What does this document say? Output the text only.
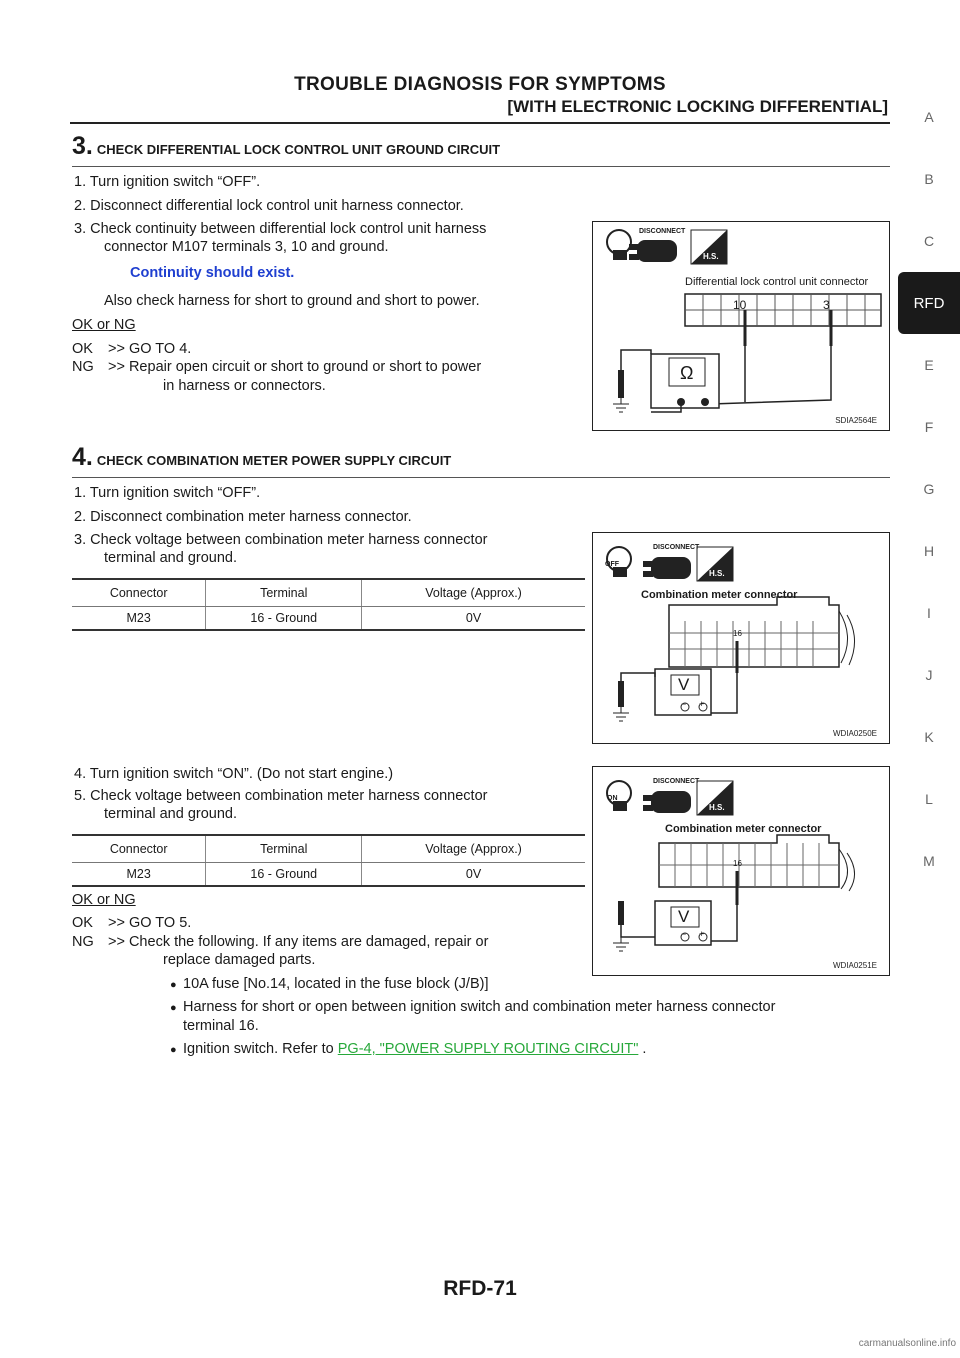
TROUBLE DIAGNOSIS FOR SYMPTOMS
[WITH ELECTRONIC LOCKING DIFFERENTIAL]
A
B
C
RFD
E
F
G
H
I
J
K
L
M
3. CHECK DIFFERENTIAL LOCK CONTROL UNIT GROUND CIRCUIT
1. Turn ignition switch “OFF”.
2. Disconnect differential lock control unit harness connector.
3. Check continuity between differential lock control unit harness
connector M107 terminals 3, 10 and ground.
Continuity should exist.
Also check harness for short to ground and short to power.
OK or NG
OK	>> GO TO 4.
NG >> Repair open circuit or short to ground or short to power
in harness or connectors.
DISCONNECT
H.S.
Differential lock control unit connector
10	3
Ω
SDIA2564E
4. CHECK COMBINATION METER POWER SUPPLY CIRCUIT
1. Turn ignition switch “OFF”.
2. Disconnect combination meter harness connector.
3. Check voltage between combination meter harness connector
terminal and ground.
Connector	Terminal	Voltage (Approx.)
M23	16 - Ground	0V
4. Turn ignition switch “ON”. (Do not start engine.)
5. Check voltage between combination meter harness connector
terminal and ground.
Connector	Terminal	Voltage (Approx.)
M23	16 - Ground	0V
OK or NG
OK	>> GO TO 5.
NG >> Check the following. If any items are damaged, repair or
replace damaged parts.
● 10A fuse [No.14, located in the fuse block (J/B)]
● Harness for short or open between ignition switch and combination meter harness connector
terminal 16.
● Ignition switch. Refer to PG-4, "POWER SUPPLY ROUTING CIRCUIT" .
OFF
DISCONNECT
H.S.
Combination meter connector
16
V
− +
WDIA0250E
ON
DISCONNECT
H.S.
Combination meter connector
16
V
− +
WDIA0251E
RFD-71
carmanualsonline.info
